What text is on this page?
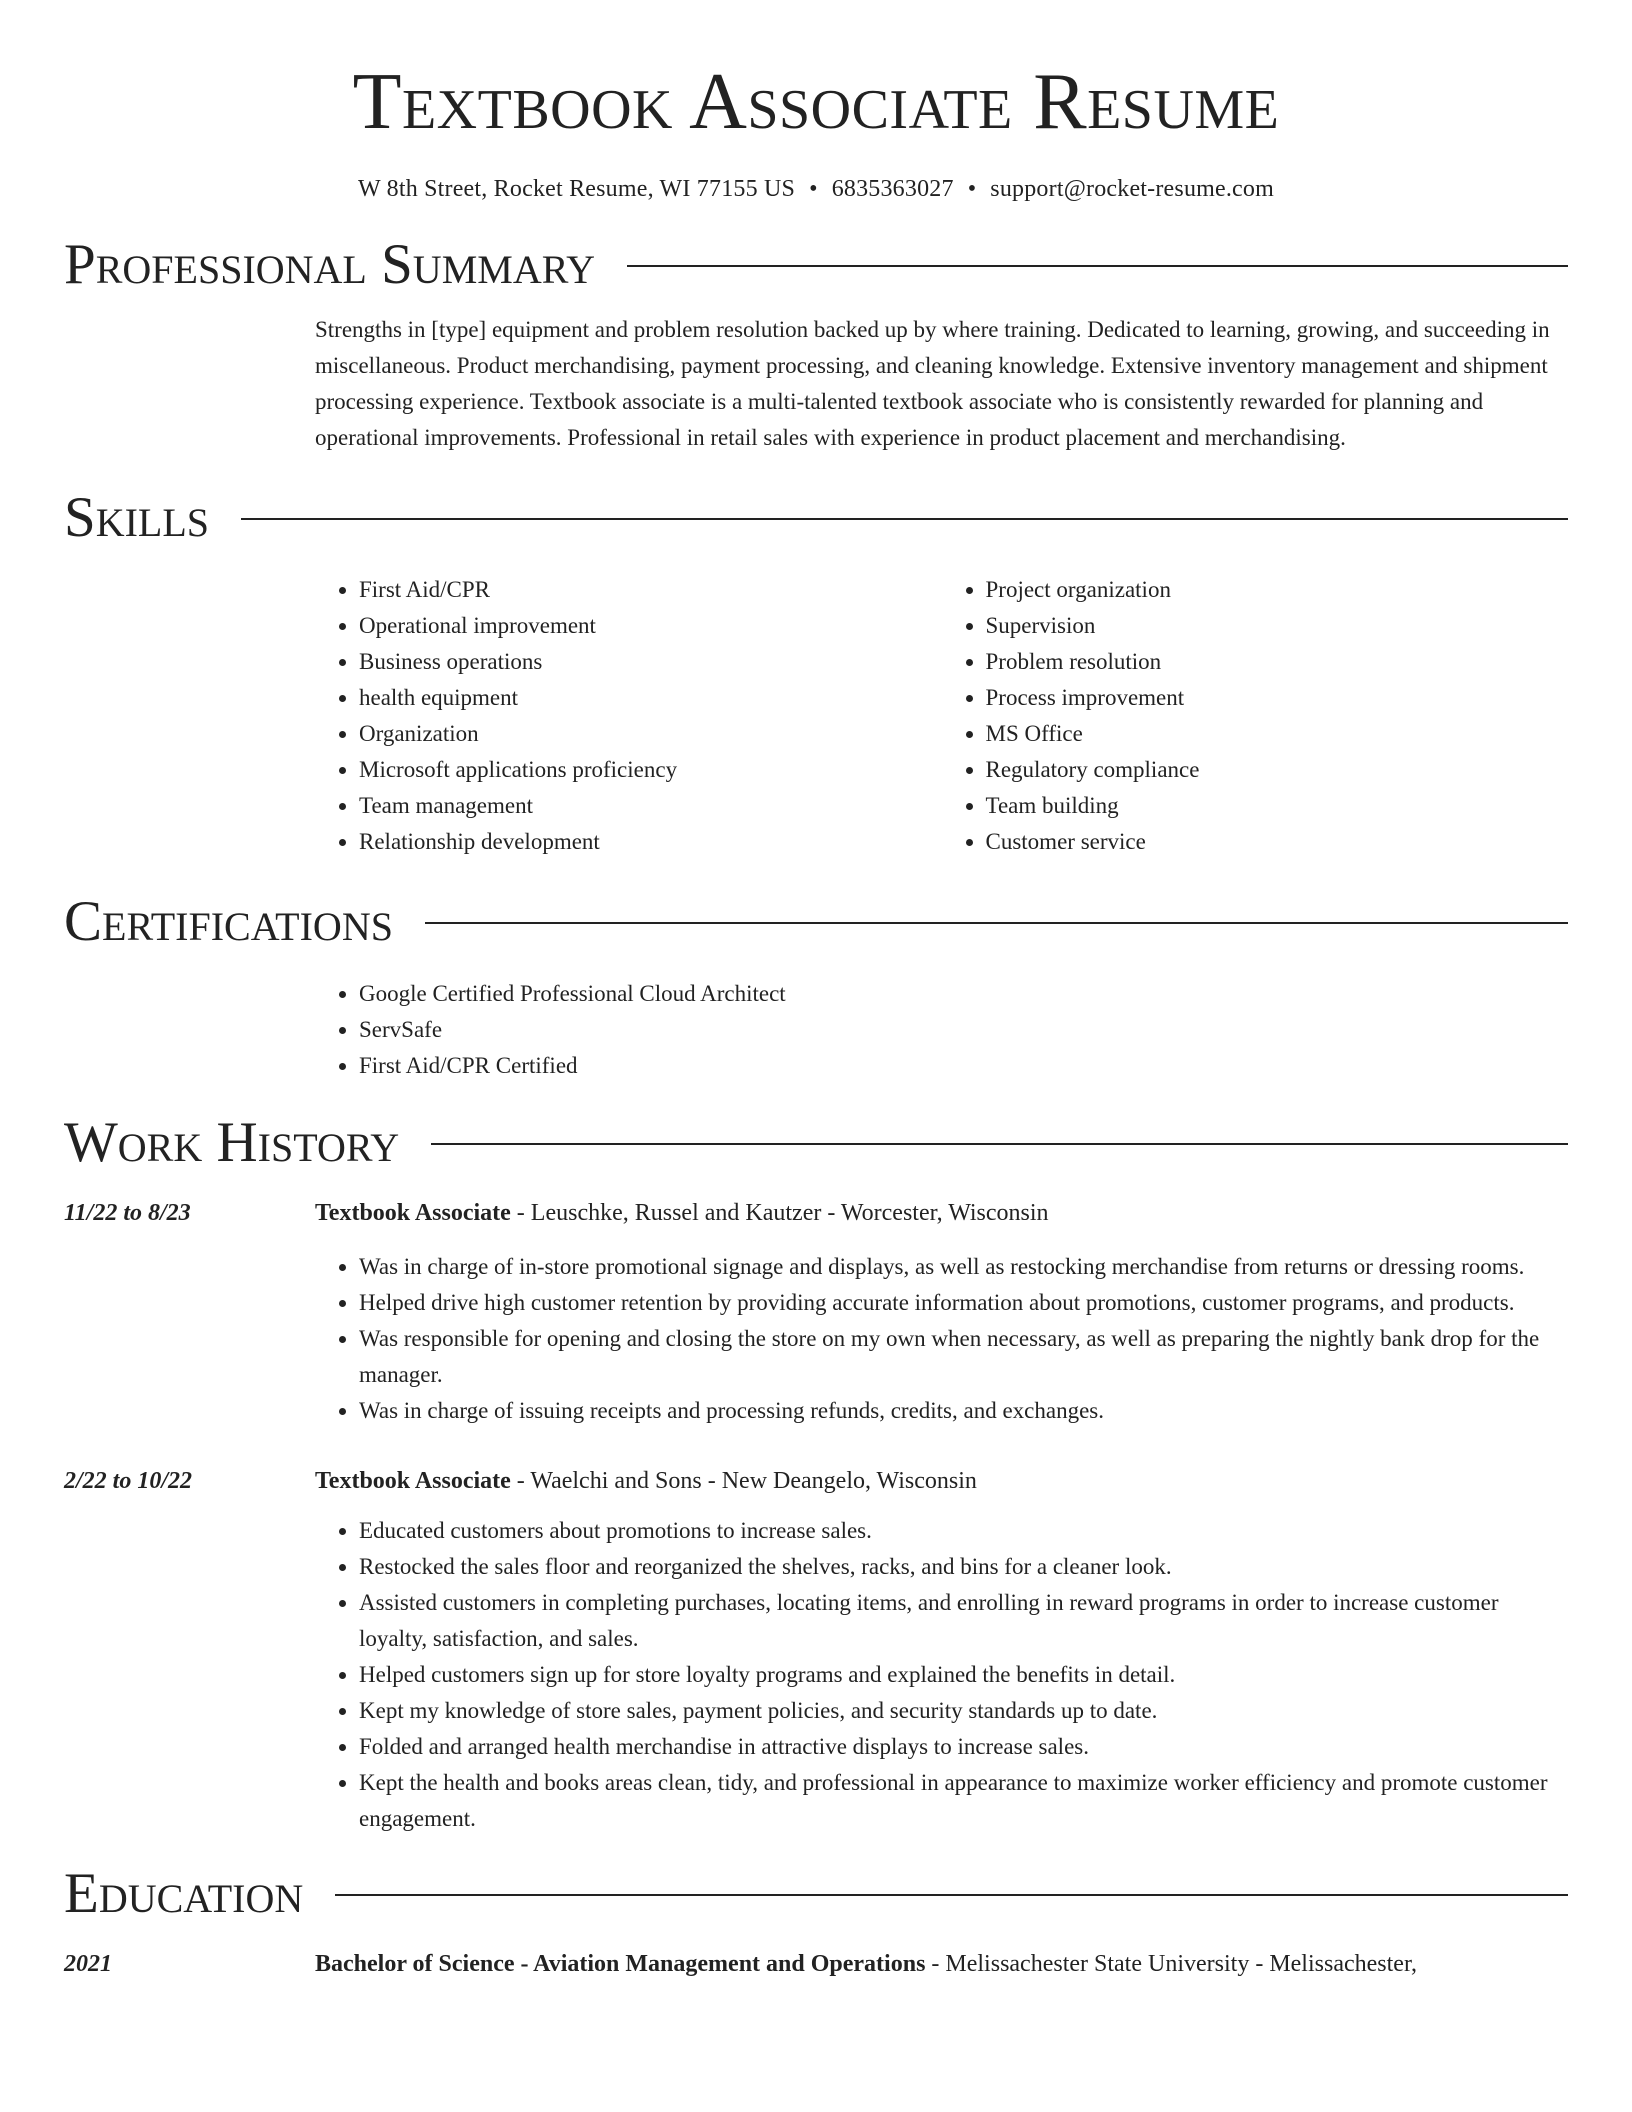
Textbook Associate Resume
W 8th Street, Rocket Resume, WI 77155 US • 6835363027 • support@rocket-resume.com
Professional Summary
Strengths in [type] equipment and problem resolution backed up by where training. Dedicated to learning, growing, and succeeding in miscellaneous. Product merchandising, payment processing, and cleaning knowledge. Extensive inventory management and shipment processing experience. Textbook associate is a multi-talented textbook associate who is consistently rewarded for planning and operational improvements. Professional in retail sales with experience in product placement and merchandising.
Skills
• First Aid/CPR
• Operational improvement
• Business operations
• health equipment
• Organization
• Microsoft applications proficiency
• Team management
• Relationship development
• Project organization
• Supervision
• Problem resolution
• Process improvement
• MS Office
• Regulatory compliance
• Team building
• Customer service
Certifications
• Google Certified Professional Cloud Architect
• ServSafe
• First Aid/CPR Certified
Work History
11/22 to 8/23	Textbook Associate - Leuschke, Russel and Kautzer - Worcester, Wisconsin
• Was in charge of in-store promotional signage and displays, as well as restocking merchandise from returns or dressing rooms.
• Helped drive high customer retention by providing accurate information about promotions, customer programs, and products.
• Was responsible for opening and closing the store on my own when necessary, as well as preparing the nightly bank drop for the manager.
• Was in charge of issuing receipts and processing refunds, credits, and exchanges.
2/22 to 10/22	Textbook Associate - Waelchi and Sons - New Deangelo, Wisconsin
• Educated customers about promotions to increase sales.
• Restocked the sales floor and reorganized the shelves, racks, and bins for a cleaner look.
• Assisted customers in completing purchases, locating items, and enrolling in reward programs in order to increase customer loyalty, satisfaction, and sales.
• Helped customers sign up for store loyalty programs and explained the benefits in detail.
• Kept my knowledge of store sales, payment policies, and security standards up to date.
• Folded and arranged health merchandise in attractive displays to increase sales.
• Kept the health and books areas clean, tidy, and professional in appearance to maximize worker efficiency and promote customer engagement.
Education
2021	Bachelor of Science - Aviation Management and Operations - Melissachester State University - Melissachester,
